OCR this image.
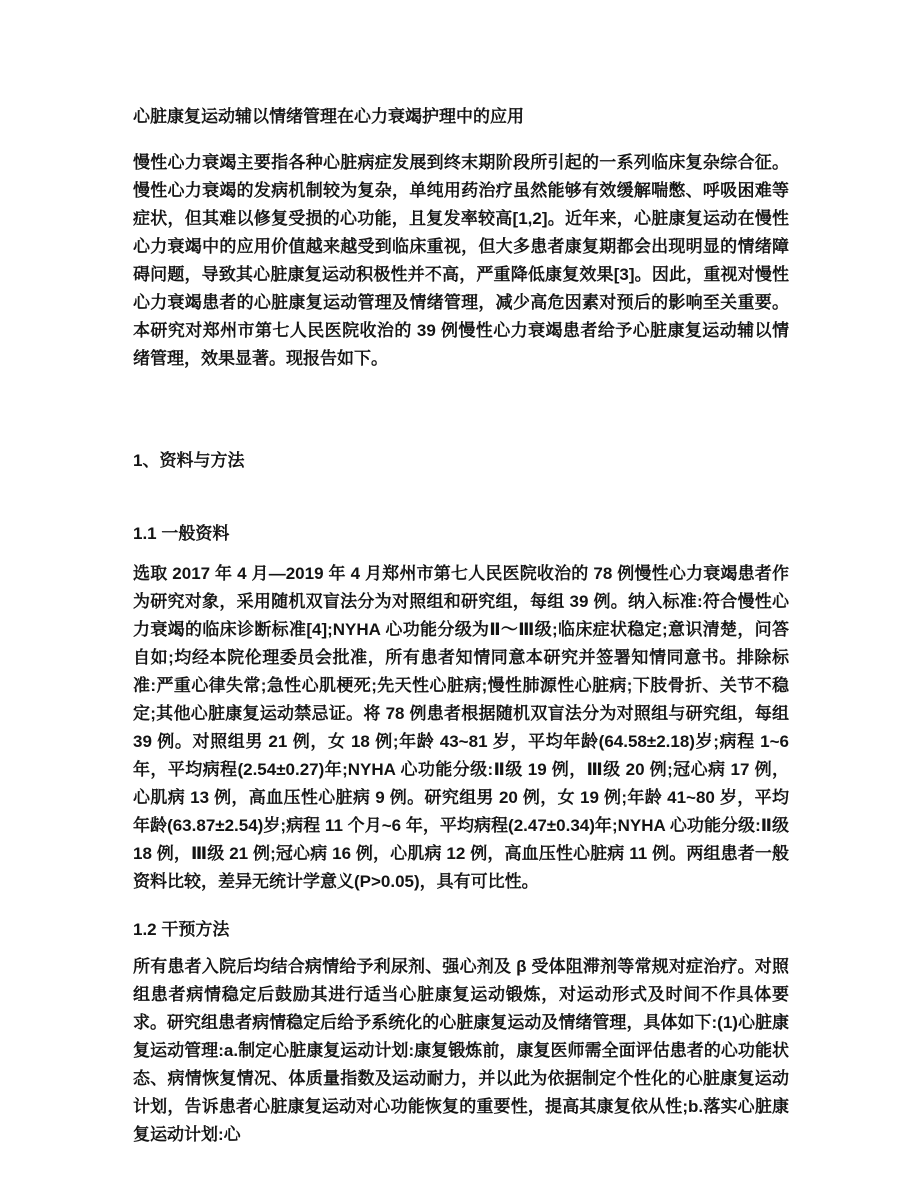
心脏康复运动辅以情绪管理在心力衰竭护理中的应用

慢性心力衰竭主要指各种心脏病症发展到终末期阶段所引起的一系列临床复杂综合征。慢性心力衰竭的发病机制较为复杂，单纯用药治疗虽然能够有效缓解喘憋、呼吸困难等症状，但其难以修复受损的心功能，且复发率较高[1,2]。近年来，心脏康复运动在慢性心力衰竭中的应用价值越来越受到临床重视，但大多患者康复期都会出现明显的情绪障碍问题，导致其心脏康复运动积极性并不高，严重降低康复效果[3]。因此，重视对慢性心力衰竭患者的心脏康复运动管理及情绪管理，减少高危因素对预后的影响至关重要。本研究对郑州市第七人民医院收治的 39 例慢性心力衰竭患者给予心脏康复运动辅以情绪管理，效果显著。现报告如下。

1、资料与方法
1.1 一般资料

选取 2017 年 4 月—2019 年 4 月郑州市第七人民医院收治的 78 例慢性心力衰竭患者作为研究对象，采用随机双盲法分为对照组和研究组，每组 39 例。纳入标准:符合慢性心力衰竭的临床诊断标准[4];NYHA 心功能分级为Ⅱ～Ⅲ级;临床症状稳定;意识清楚，问答自如;均经本院伦理委员会批准，所有患者知情同意本研究并签署知情同意书。排除标准:严重心律失常;急性心肌梗死;先天性心脏病;慢性肺源性心脏病;下肢骨折、关节不稳定;其他心脏康复运动禁忌证。将 78 例患者根据随机双盲法分为对照组与研究组，每组 39 例。对照组男 21 例，女 18 例;年龄 43~81 岁，平均年龄(64.58±2.18)岁;病程 1~6 年，平均病程(2.54±0.27)年;NYHA 心功能分级:Ⅱ级 19 例，Ⅲ级 20 例;冠心病 17 例，心肌病 13 例，高血压性心脏病 9 例。研究组男 20 例，女 19 例;年龄 41~80 岁，平均年龄(63.87±2.54)岁;病程 11 个月~6 年，平均病程(2.47±0.34)年;NYHA 心功能分级:Ⅱ级 18 例，Ⅲ级 21 例;冠心病 16 例，心肌病 12 例，高血压性心脏病 11 例。两组患者一般资料比较，差异无统计学意义(P>0.05)，具有可比性。

1.2 干预方法

所有患者入院后均结合病情给予利尿剂、强心剂及 β 受体阻滞剂等常规对症治疗。对照组患者病情稳定后鼓励其进行适当心脏康复运动锻炼，对运动形式及时间不作具体要求。研究组患者病情稳定后给予系统化的心脏康复运动及情绪管理，具体如下:(1)心脏康复运动管理:a.制定心脏康复运动计划:康复锻炼前，康复医师需全面评估患者的心功能状态、病情恢复情况、体质量指数及运动耐力，并以此为依据制定个性化的心脏康复运动计划，告诉患者心脏康复运动对心功能恢复的重要性，提高其康复依从性;b.落实心脏康复运动计划:心
